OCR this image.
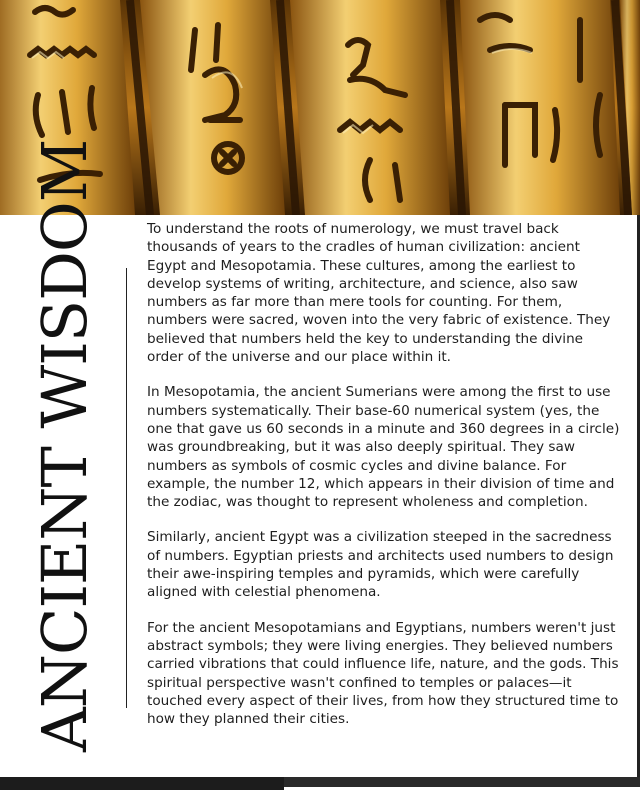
ANCIENT WISDOM	To understand the roots of numerology, we must travel back thousands of years to the cradles of human civilization: ancient Egypt and Mesopotamia. These cultures, among the earliest to develop systems of writing, architecture, and science, also saw numbers as far more than mere tools for counting. For them, numbers were sacred, woven into the very fabric of existence. They believed that numbers held the key to understanding the divine order of the universe and our place within it.

In Mesopotamia, the ancient Sumerians were among the first to use numbers systematically. Their base-60 numerical system (yes, the one that gave us 60 seconds in a minute and 360 degrees in a circle) was groundbreaking, but it was also deeply spiritual. They saw numbers as symbols of cosmic cycles and divine balance. For example, the number 12, which appears in their division of time and the zodiac, was thought to represent wholeness and completion.

Similarly, ancient Egypt was a civilization steeped in the sacredness of numbers. Egyptian priests and architects used numbers to design their awe-inspiring temples and pyramids, which were carefully aligned with celestial phenomena.

For the ancient Mesopotamians and Egyptians, numbers weren't just abstract symbols; they were living energies. They believed numbers carried vibrations that could influence life, nature, and the gods. This spiritual perspective wasn't confined to temples or palaces—it touched every aspect of their lives, from how they structured time to how they planned their cities.
